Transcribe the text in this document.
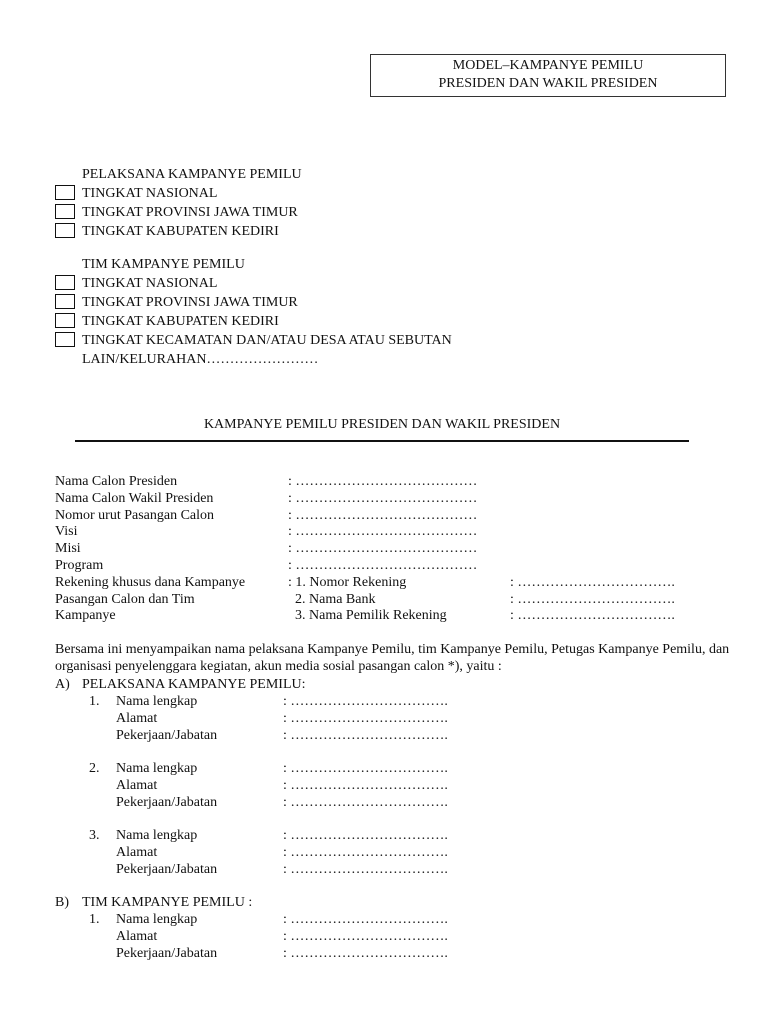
MODEL–KAMPANYE PEMILU
PRESIDEN DAN WAKIL PRESIDEN
PELAKSANA KAMPANYE PEMILU
TINGKAT NASIONAL
TINGKAT PROVINSI JAWA TIMUR
TINGKAT KABUPATEN KEDIRI
TIM KAMPANYE PEMILU
TINGKAT NASIONAL
TINGKAT PROVINSI JAWA TIMUR
TINGKAT KABUPATEN KEDIRI
TINGKAT KECAMATAN DAN/ATAU DESA ATAU SEBUTAN
LAIN/KELURAHAN……………………
KAMPANYE PEMILU PRESIDEN DAN WAKIL PRESIDEN
Nama Calon Presiden	: …………………………………
Nama Calon Wakil Presiden	: …………………………………
Nomor urut Pasangan Calon	: …………………………………
Visi	: …………………………………
Misi	: …………………………………
Program	: …………………………………
Rekening khusus dana Kampanye	: 1. Nomor Rekening	: …………………………….
Pasangan Calon dan Tim	2. Nama Bank	: …………………………….
Kampanye	3. Nama Pemilik Rekening	: …………………………….
Bersama ini menyampaikan nama pelaksana Kampanye Pemilu, tim Kampanye Pemilu, Petugas Kampanye Pemilu, dan organisasi penyelenggara kegiatan, akun media sosial pasangan calon *), yaitu :
A) PELAKSANA KAMPANYE PEMILU:
1. Nama lengkap	: …………………………….
Alamat	: …………………………….
Pekerjaan/Jabatan	: …………………………….
2. Nama lengkap	: …………………………….
Alamat	: …………………………….
Pekerjaan/Jabatan	: …………………………….
3. Nama lengkap	: …………………………….
Alamat	: …………………………….
Pekerjaan/Jabatan	: …………………………….
B) TIM KAMPANYE PEMILU :
1. Nama lengkap	: …………………………….
Alamat	: …………………………….
Pekerjaan/Jabatan	: …………………………….
